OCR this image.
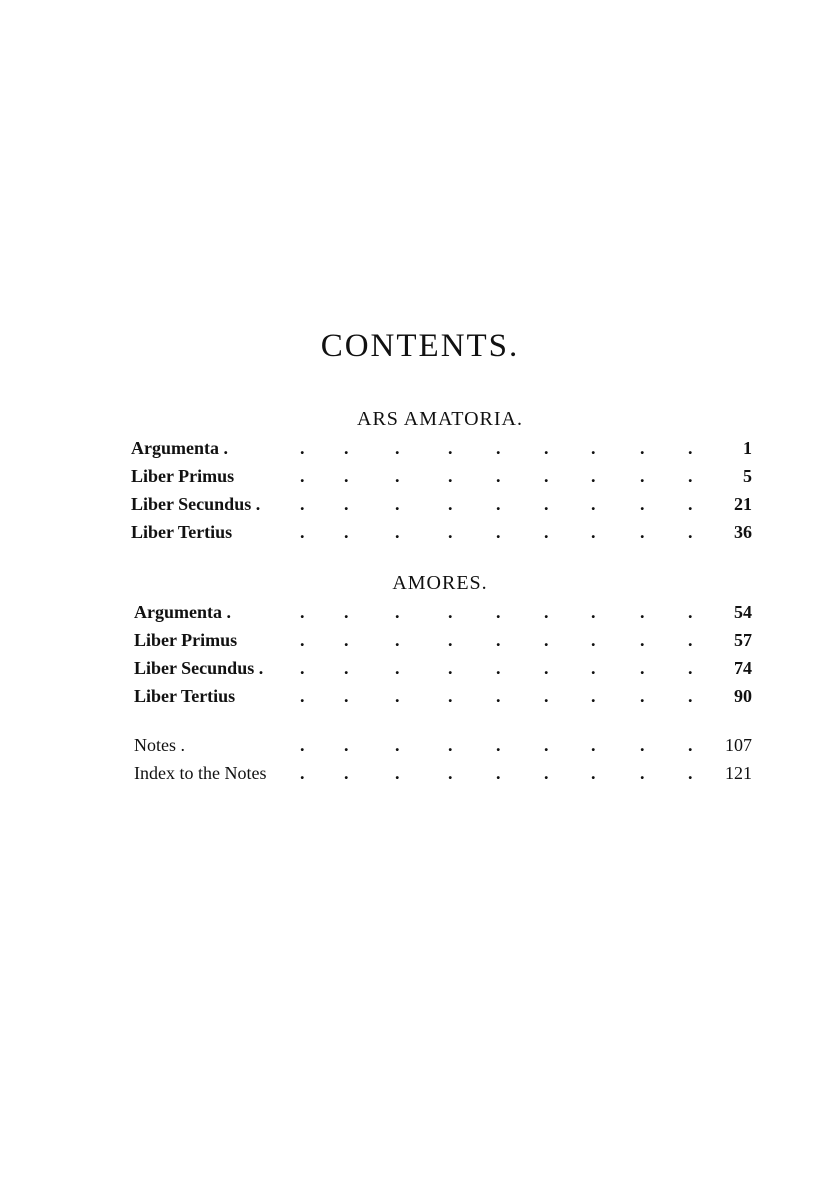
CONTENTS.
ARS AMATORIA.
Argumenta .	. .	.	. . . . . .	1
Liber Primus	. .	.	. . . . . .	5
Liber Secundus . . .	.	. . . . . . 21
Liber Tertius	. .	.	. . . . . . 36
AMORES.
Argumenta .	. .	.	. . . . . . 54
Liber Primus	. .	.	. . . . . . 57
Liber Secundus . . .	.	. . . . . . 74
Liber Tertius	. .	.	. . . . . . 90
Notes .	. .	.	. . . . . . 107
Index to the Notes . .	.	. . . . . . 121
